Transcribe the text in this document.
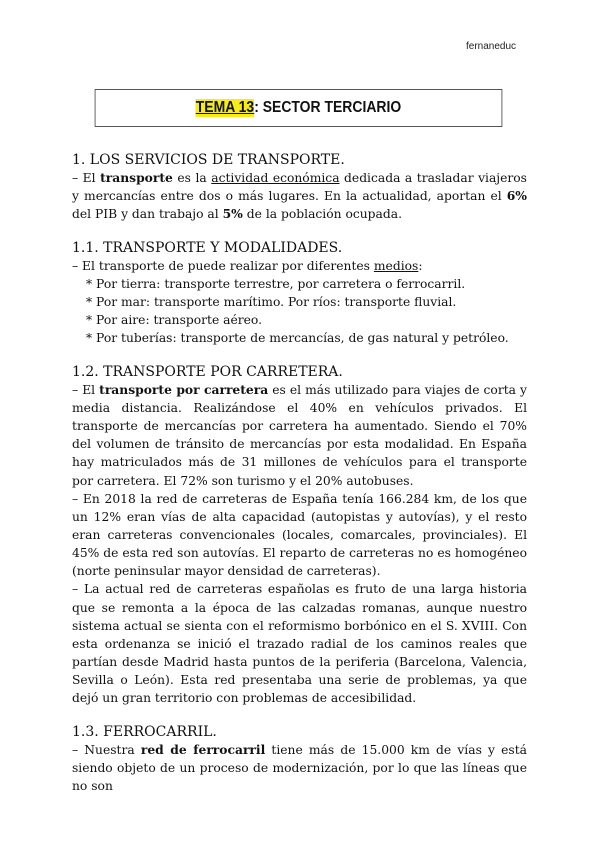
fernaneduc
TEMA 13 : SECTOR TERCIARIO
1. LOS SERVICIOS DE TRANSPORTE.

– El transporte es la actividad económica dedicada a trasladar viajeros y mercancías entre dos o más lugares. En la actualidad, aportan el 6% del PIB y dan trabajo al 5% de la población ocupada.

1.1. TRANSPORTE Y MODALIDADES.

– El transporte de puede realizar por diferentes medios:

* Por tierra: transporte terrestre, por carretera o ferrocarril.
* Por mar: transporte marítimo. Por ríos: transporte fluvial.
* Por aire: transporte aéreo.
* Por tuberías: transporte de mercancías, de gas natural y petróleo.
1.2. TRANSPORTE POR CARRETERA.

– El transporte por carretera es el más utilizado para viajes de corta y media distancia. Realizándose el 40% en vehículos privados. El transporte de mercancías por carretera ha aumentado. Siendo el 70% del volumen de tránsito de mercancías por esta modalidad. En España hay matriculados más de 31 millones de vehículos para el transporte por carretera. El 72% son turismo y el 20% autobuses.

– En 2018 la red de carreteras de España tenía 166.284 km, de los que un 12% eran vías de alta capacidad (autopistas y autovías), y el resto eran carreteras convencionales (locales, comarcales, provinciales). El 45% de esta red son autovías. El reparto de carreteras no es homogéneo (norte peninsular mayor densidad de carreteras).

– La actual red de carreteras españolas es fruto de una larga historia que se remonta a la época de las calzadas romanas, aunque nuestro sistema actual se sienta con el reformismo borbónico en el S. XVIII. Con esta ordenanza se inició el trazado radial de los caminos reales que partían desde Madrid hasta puntos de la periferia (Barcelona, Valencia, Sevilla o León). Esta red presentaba una serie de problemas, ya que dejó un gran territorio con problemas de accesibilidad.

1.3. FERROCARRIL.

– Nuestra red de ferrocarril tiene más de 15.000 km de vías y está siendo objeto de un proceso de modernización, por lo que las líneas que no son
